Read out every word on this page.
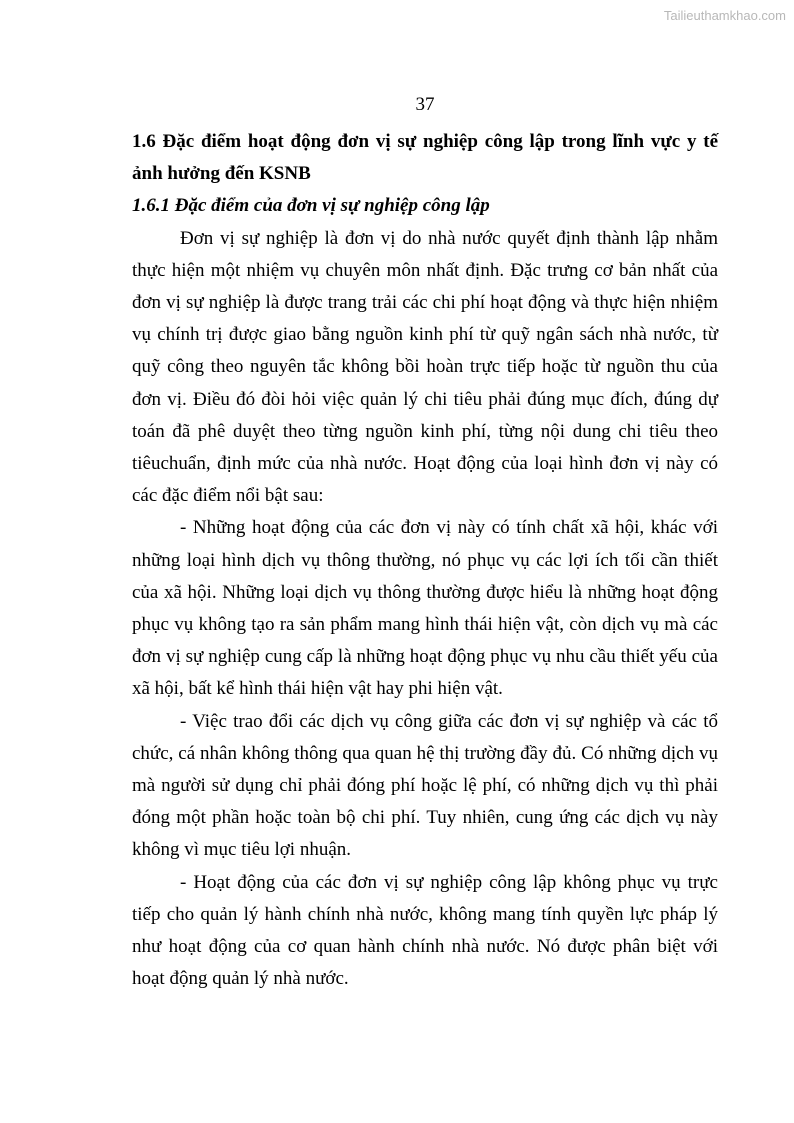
Tailieuthamkhao.com
37

1.6 Đặc điểm hoạt động đơn vị sự nghiệp công lập trong lĩnh vực y tế ảnh hưởng đến KSNB

1.6.1 Đặc điểm của đơn vị sự nghiệp công lập

Đơn vị sự nghiệp là đơn vị do nhà nước quyết định thành lập nhằm thực hiện một nhiệm vụ chuyên môn nhất định. Đặc trưng cơ bản nhất của đơn vị sự nghiệp là được trang trải các chi phí hoạt động và thực hiện nhiệm vụ chính trị được giao bằng nguồn kinh phí từ quỹ ngân sách nhà nước, từ quỹ công theo nguyên tắc không bồi hoàn trực tiếp hoặc từ nguồn thu của đơn vị. Điều đó đòi hỏi việc quản lý chi tiêu phải đúng mục đích, đúng dự toán đã phê duyệt theo từng nguồn kinh phí, từng nội dung chi tiêu theo tiêuchuẩn, định mức của nhà nước. Hoạt động của loại hình đơn vị này có các đặc điểm nổi bật sau:

- Những hoạt động của các đơn vị này có tính chất xã hội, khác với những loại hình dịch vụ thông thường, nó phục vụ các lợi ích tối cần thiết của xã hội. Những loại dịch vụ thông thường được hiểu là những hoạt động phục vụ không tạo ra sản phẩm mang hình thái hiện vật, còn dịch vụ mà các đơn vị sự nghiệp cung cấp là những hoạt động phục vụ nhu cầu thiết yếu của xã hội, bất kể hình thái hiện vật hay phi hiện vật.

- Việc trao đổi các dịch vụ công giữa các đơn vị sự nghiệp và các tổ chức, cá nhân không thông qua quan hệ thị trường đầy đủ. Có những dịch vụ mà người sử dụng chỉ phải đóng phí hoặc lệ phí, có những dịch vụ thì phải đóng một phần hoặc toàn bộ chi phí. Tuy nhiên, cung ứng các dịch vụ này không vì mục tiêu lợi nhuận.

- Hoạt động của các đơn vị sự nghiệp công lập không phục vụ trực tiếp cho quản lý hành chính nhà nước, không mang tính quyền lực pháp lý như hoạt động của cơ quan hành chính nhà nước. Nó được phân biệt với hoạt động quản lý nhà nước.
